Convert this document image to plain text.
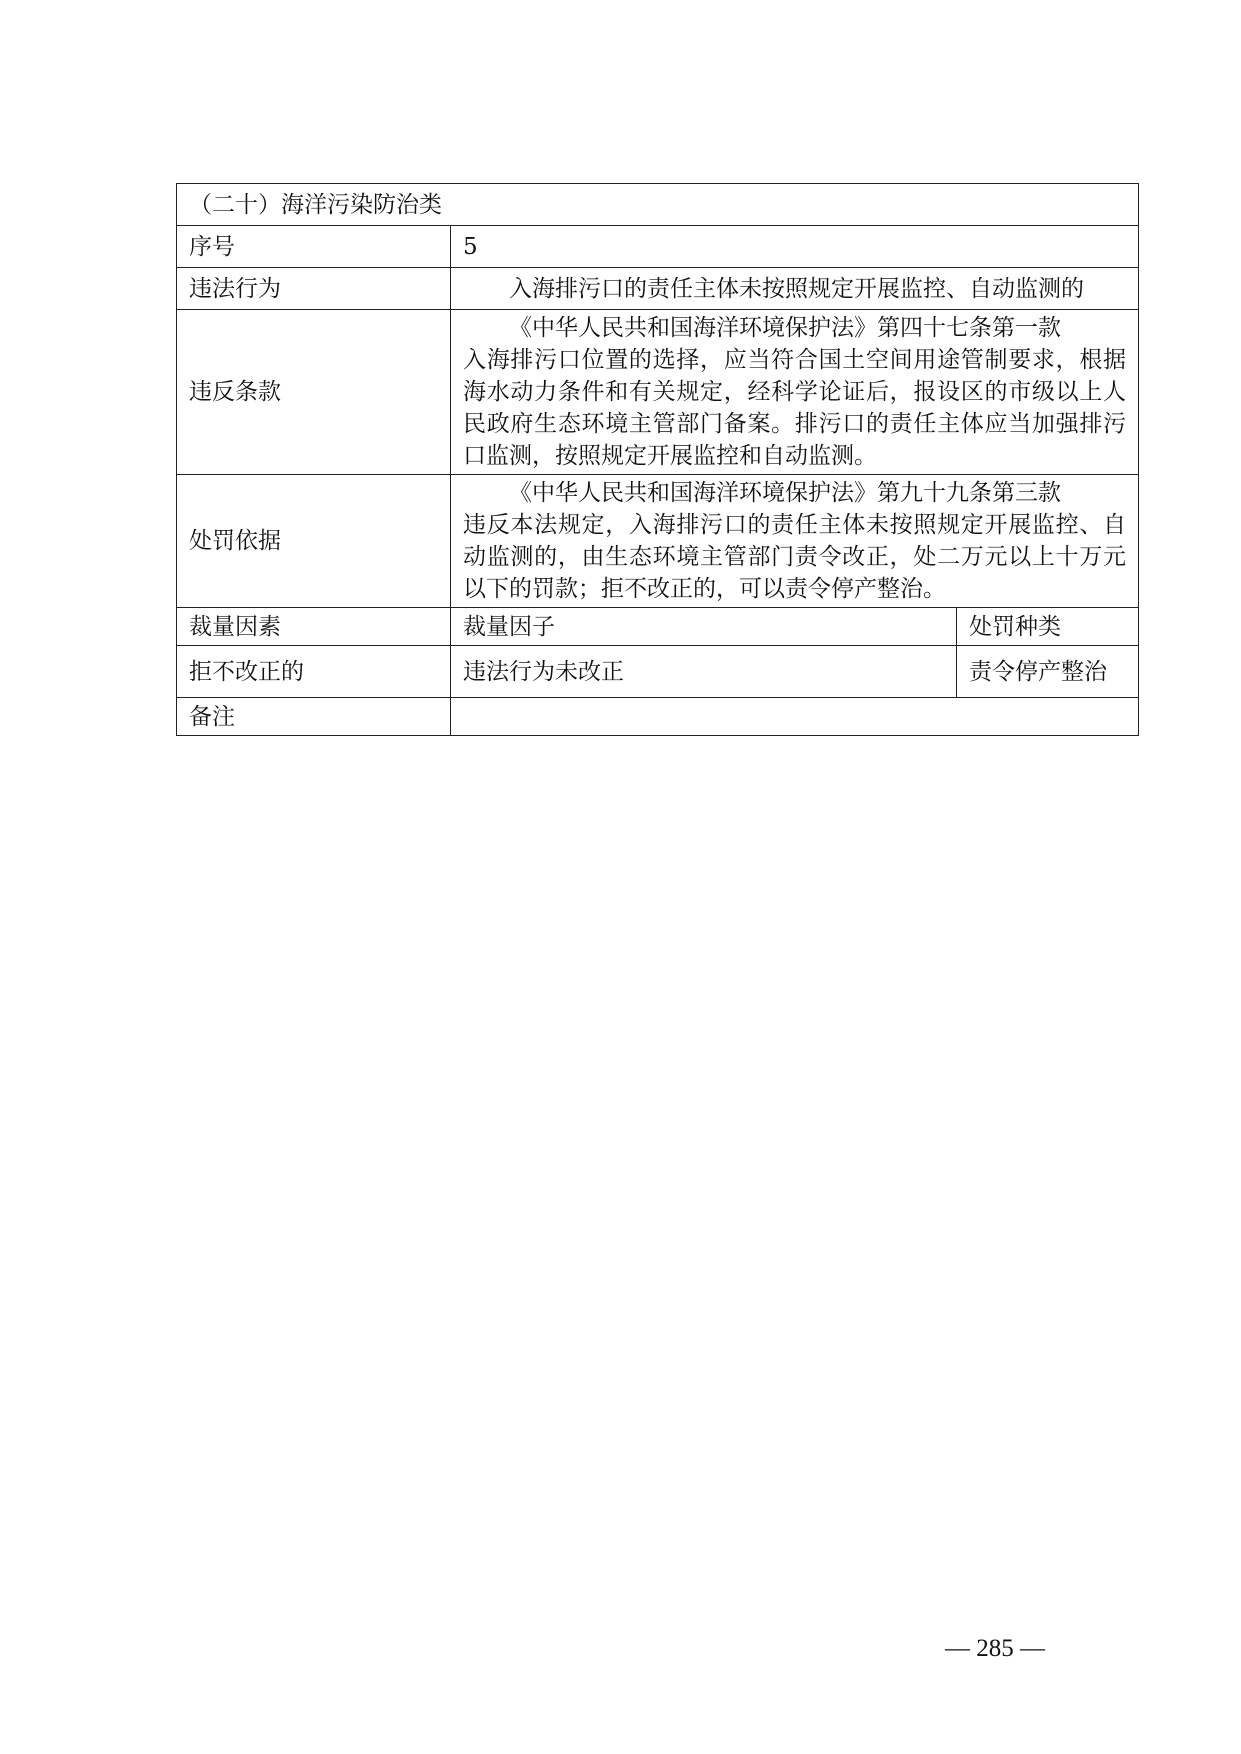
（二十）海洋污染防治类		
序号	5	
违法行为	入海排污口的责任主体未按照规定开展监控、自动监测的	
违反条款	《中华人民共和国海洋环境保护法》第四十七条第一款
入海排污口位置的选择，应当符合国土空间用途管制要求，根据海水动力条件和有关规定，经科学论证后，报设区的市级以上人民政府生态环境主管部门备案。排污口的责任主体应当加强排污口监测，按照规定开展监控和自动监测。	

处罚依据	《中华人民共和国海洋环境保护法》第九十九条第三款
违反本法规定，入海排污口的责任主体未按照规定开展监控、自动监测的，由生态环境主管部门责令改正，处二万元以上十万元以下的罚款；拒不改正的，可以责令停产整治。	

裁量因素	裁量因子	处罚种类
拒不改正的	违法行为未改正	责令停产整治
备注		
— 285 —
